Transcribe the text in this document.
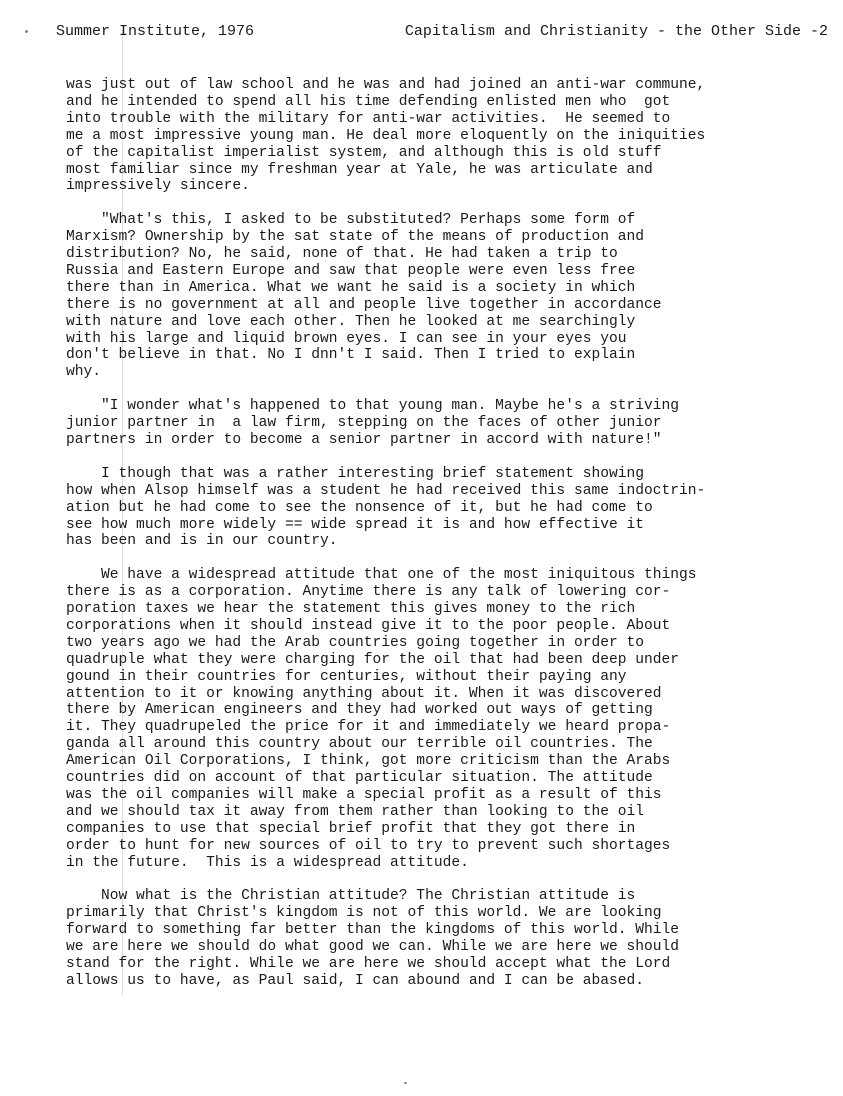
Summer Institute, 1976

	Capitalism and Christianity - the Other Side -2

was just out of law school and he was and had joined an anti-war commune,
and he intended to spend all his time defending enlisted men who  got
into trouble with the military for anti-war activities.  He seemed to
me a most impressive young man. He deal more eloquently on the iniquities
of the capitalist imperialist system, and although this is old stuff
most familiar since my freshman year at Yale, he was articulate and
impressively sincere.
"What's this, I asked to be substituted? Perhaps some form of
Marxism? Ownership by the sat state of the means of production and
distribution? No, he said, none of that. He had taken a trip to
Russia and Eastern Europe and saw that people were even less free
there than in America. What we want he said is a society in which
there is no government at all and people live together in accordance
with nature and love each other. Then he looked at me searchingly
with his large and liquid brown eyes. I can see in your eyes you
don't believe in that. No I dnn't I said. Then I tried to explain
why.
"I wonder what's happened to that young man. Maybe he's a striving
junior partner in  a law firm, stepping on the faces of other junior
partners in order to become a senior partner in accord with nature!"
I though that was a rather interesting brief statement showing
how when Alsop himself was a student he had received this same indoctrin-
ation but he had come to see the nonsence of it, but he had come to
see how much more widely == wide spread it is and how effective it
has been and is in our country.
We have a widespread attitude that one of the most iniquitous things
there is as a corporation. Anytime there is any talk of lowering cor-
poration taxes we hear the statement this gives money to the rich
corporations when it should instead give it to the poor people. About
two years ago we had the Arab countries going together in order to
quadruple what they were charging for the oil that had been deep under
gound in their countries for centuries, without their paying any
attention to it or knowing anything about it. When it was discovered
there by American engineers and they had worked out ways of getting
it. They quadrupeled the price for it and immediately we heard propa-
ganda all around this country about our terrible oil countries. The
American Oil Corporations, I think, got more criticism than the Arabs
countries did on account of that particular situation. The attitude
was the oil companies will make a special profit as a result of this
and we should tax it away from them rather than looking to the oil
companies to use that special brief profit that they got there in
order to hunt for new sources of oil to try to prevent such shortages
in the future.  This is a widespread attitude.
Now what is the Christian attitude? The Christian attitude is
primarily that Christ's kingdom is not of this world. We are looking
forward to something far better than the kingdoms of this world. While
we are here we should do what good we can. While we are here we should
stand for the right. While we are here we should accept what the Lord
allows us to have, as Paul said, I can abound and I can be abased.
